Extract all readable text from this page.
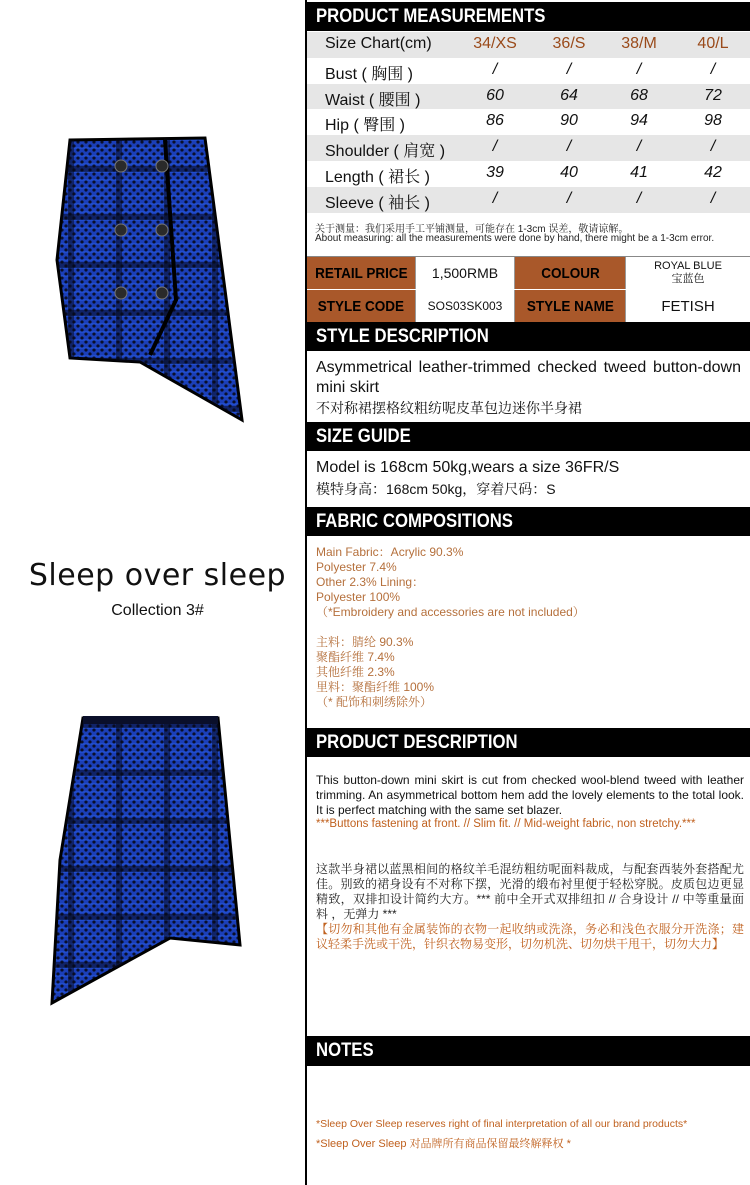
Sleep over sleep
Collection 3#
PRODUCT MEASUREMENTS
Size Chart(cm)	34/XS	36/S	38/M	40/L
Bust ( 胸围 )	/	/	/	/
Waist ( 腰围 )	60	64	68	72
Hip ( 臀围 )	86	90	94	98
Shoulder ( 肩宽 )	/	/	/	/
Length ( 裙长 )	39	40	41	42
Sleeve ( 袖长 )	/	/	/	/
关于测量：我们采用手工平铺测量，可能存在 1-3cm 误差，敬请谅解。
About measuring: all the measurements were done by hand, there might be a 1-3cm error.
RETAIL PRICE	1,500RMB	COLOUR	ROYAL BLUE
宝蓝色
STYLE CODE	SOS03SK003	STYLE NAME	FETISH
STYLE DESCRIPTION
Asymmetrical leather-trimmed checked tweed button-down mini skirt
不对称裙摆格纹粗纺呢皮革包边迷你半身裙
SIZE GUIDE
Model is 168cm 50kg,wears a size 36FR/S
模特身高：168cm 50kg，穿着尺码：S
FABRIC COMPOSITIONS
Main Fabric：Acrylic 90.3%
Polyester 7.4%
Other 2.3% Lining：
Polyester 100%
（*Embroidery and accessories are not included）
主料：腈纶 90.3%
聚酯纤维 7.4%
其他纤维 2.3%
里料：聚酯纤维 100%
（* 配饰和刺绣除外）
PRODUCT DESCRIPTION
This button-down mini skirt is cut from checked wool-blend tweed with leather trimming. An asymmetrical bottom hem add the lovely elements to the total look. It is perfect matching with the same set blazer.
***Buttons fastening at front. // Slim fit. // Mid-weight fabric, non stretchy.***
这款半身裙以蓝黑相间的格纹羊毛混纺粗纺呢面料裁成，与配套西装外套搭配尤佳。别致的裙身设有不对称下摆，光滑的缎布衬里便于轻松穿脱。皮质包边更显精致，双排扣设计简约大方。*** 前中全开式双排纽扣 // 合身设计 // 中等重量面料 ，无弹力 ***
【切勿和其他有金属装饰的衣物一起收纳或洗涤，务必和浅色衣服分开洗涤；建议轻柔手洗或干洗，针织衣物易变形，切勿机洗、切勿烘干甩干，切勿大力】
NOTES
*Sleep Over Sleep reserves right of final interpretation of all our brand products*
*Sleep Over Sleep 对品牌所有商品保留最终解释权 *
